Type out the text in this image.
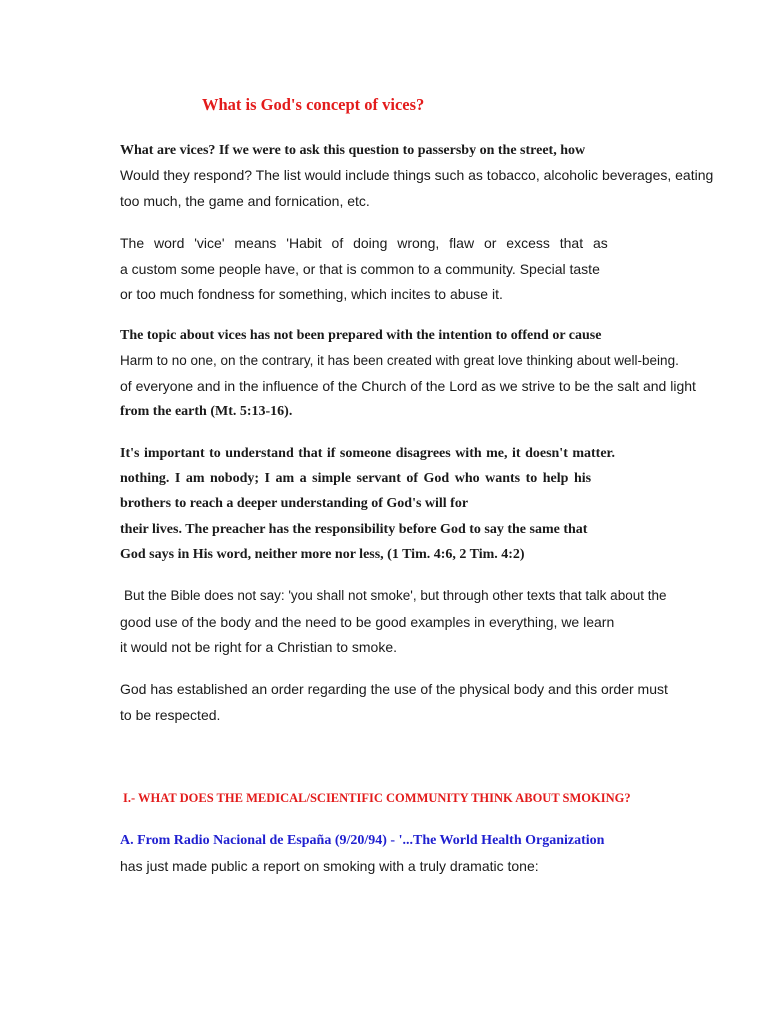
What is God's concept of vices?

What are vices? If we were to ask this question to passersby on the street, how

Would they respond? The list would include things such as tobacco, alcoholic beverages, eating

too much, the game and fornication, etc.

The word 'vice' means 'Habit of doing wrong, flaw or excess that as

a custom some people have, or that is common to a community. Special taste

or too much fondness for something, which incites to abuse it.

The topic about vices has not been prepared with the intention to offend or cause

Harm to no one, on the contrary, it has been created with great love thinking about well-being.

of everyone and in the influence of the Church of the Lord as we strive to be the salt and light

from the earth (Mt. 5:13-16).

It's important to understand that if someone disagrees with me, it doesn't matter.

nothing. I am nobody; I am a simple servant of God who wants to help his

brothers to reach a deeper understanding of God's will for

their lives. The preacher has the responsibility before God to say the same that

God says in His word, neither more nor less, (1 Tim. 4:6, 2 Tim. 4:2)

But the Bible does not say: 'you shall not smoke', but through other texts that talk about the

good use of the body and the need to be good examples in everything, we learn

it would not be right for a Christian to smoke.

God has established an order regarding the use of the physical body and this order must

to be respected.

I.- WHAT DOES THE MEDICAL/SCIENTIFIC COMMUNITY THINK ABOUT SMOKING?

A. From Radio Nacional de España (9/20/94) - '...The World Health Organization

has just made public a report on smoking with a truly dramatic tone:
